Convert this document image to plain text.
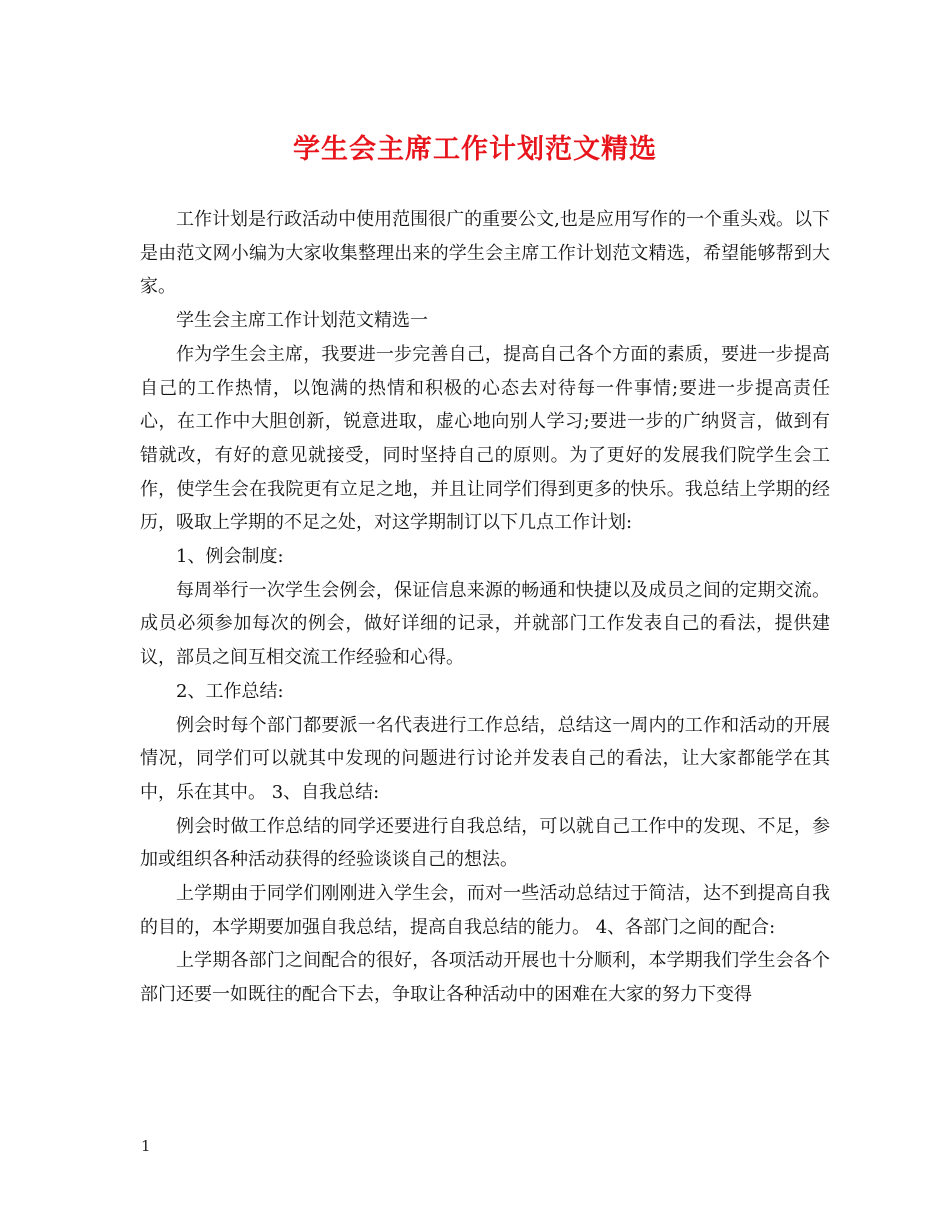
学生会主席工作计划范文精选

工作计划是行政活动中使用范围很广的重要公文,也是应用写作的一个重头戏。以下是由范文网小编为大家收集整理出来的学生会主席工作计划范文精选，希望能够帮到大家。

学生会主席工作计划范文精选一

作为学生会主席，我要进一步完善自己，提高自己各个方面的素质，要进一步提高自己的工作热情，以饱满的热情和积极的心态去对待每一件事情;要进一步提高责任心，在工作中大胆创新，锐意进取，虚心地向别人学习;要进一步的广纳贤言，做到有错就改，有好的意见就接受，同时坚持自己的原则。为了更好的发展我们院学生会工作，使学生会在我院更有立足之地，并且让同学们得到更多的快乐。我总结上学期的经历，吸取上学期的不足之处，对这学期制订以下几点工作计划:

1、例会制度:

每周举行一次学生会例会，保证信息来源的畅通和快捷以及成员之间的定期交流。成员必须参加每次的例会，做好详细的记录，并就部门工作发表自己的看法，提供建议，部员之间互相交流工作经验和心得。

2、工作总结:

例会时每个部门都要派一名代表进行工作总结，总结这一周内的工作和活动的开展情况，同学们可以就其中发现的问题进行讨论并发表自己的看法，让大家都能学在其中，乐在其中。 3、自我总结:

例会时做工作总结的同学还要进行自我总结，可以就自己工作中的发现、不足，参加或组织各种活动获得的经验谈谈自己的想法。

上学期由于同学们刚刚进入学生会，而对一些活动总结过于简洁，达不到提高自我的目的，本学期要加强自我总结，提高自我总结的能力。 4、各部门之间的配合:

上学期各部门之间配合的很好，各项活动开展也十分顺利，本学期我们学生会各个部门还要一如既往的配合下去，争取让各种活动中的困难在大家的努力下变得

1
